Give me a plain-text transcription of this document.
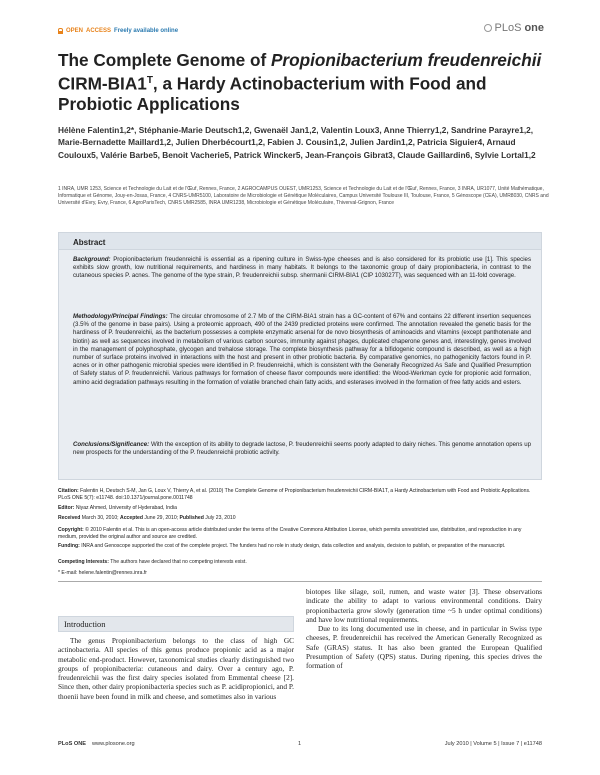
OPEN ACCESS Freely available online	PLoS one
The Complete Genome of Propionibacterium freudenreichii CIRM-$BIA1^T$, a Hardy Actinobacterium with Food and Probiotic Applications
Hélène Falentin1,2*, Stéphanie-Marie Deutsch1,2, Gwenaël Jan1,2, Valentin Loux3, Anne Thierry1,2, Sandrine Parayre1,2, Marie-Bernadette Maillard1,2, Julien Dherbécourt1,2, Fabien J. Cousin1,2, Julien Jardin1,2, Patricia Siguier4, Arnaud Couloux5, Valérie Barbe5, Benoit Vacherie5, Patrick Wincker5, Jean-François Gibrat3, Claude Gaillardin6, Sylvie Lortal1,2
1 INRA, UMR 1253, Science et Technologie du Lait et de l'Œuf, Rennes, France, 2 AGROCAMPUS OUEST, UMR1253, Science et Technologie du Lait et de l'Œuf, Rennes, France, 3 INRA, UR1077, Unité Mathématique, Informatique et Génome, Jouy-en-Josas, France, 4 CNRS-UMR5100, Laboratoire de Microbiologie et Génétique Moléculaires, Campus Université Toulouse III, Toulouse, France, 5 Génoscope (CEA), UMR8030, CNRS and Université d'Evry, Evry, France, 6 AgroParisTech, CNRS UMR2585, INRA UMR1238, Microbiologie et Génétique Moléculaire, Thiverval-Grignon, France
Abstract
Background: Propionibacterium freudenreichii is essential as a ripening culture in Swiss-type cheeses and is also considered for its probiotic use [1]. This species exhibits slow growth, low nutritional requirements, and hardiness in many habitats. It belongs to the taxonomic group of dairy propionibacteria, in contrast to the cutaneous species P. acnes. The genome of the type strain, P. freudenreichii subsp. shermanii CIRM-BIA1 (CIP 103027T), was sequenced with an 11-fold coverage.
Methodology/Principal Findings: The circular chromosome of 2.7 Mb of the CIRM-BIA1 strain has a GC-content of 67% and contains 22 different insertion sequences (3.5% of the genome in base pairs). Using a proteomic approach, 490 of the 2439 predicted proteins were confirmed. The annotation revealed the genetic basis for the hardiness of P. freudenreichii, as the bacterium possesses a complete enzymatic arsenal for de novo biosynthesis of aminoacids and vitamins (except panthotenate and biotin) as well as sequences involved in metabolism of various carbon sources, immunity against phages, duplicated chaperone genes and, interestingly, genes involved in the management of polyphosphate, glycogen and trehalose storage. The complete biosynthesis pathway for a bifidogenic compound is described, as well as a high number of surface proteins involved in interactions with the host and present in other probiotic bacteria. By comparative genomics, no pathogenicity factors found in P. acnes or in other pathogenic microbial species were identified in P. freudenreichii, which is consistent with the Generally Recognized As Safe and Qualified Presumption of Safety status of P. freudenreichii. Various pathways for formation of cheese flavor compounds were identified: the Wood-Werkman cycle for propionic acid formation, amino acid degradation pathways resulting in the formation of volatile branched chain fatty acids, and esterases involved in the formation of free fatty acids and esters.
Conclusions/Significance: With the exception of its ability to degrade lactose, P. freudenreichii seems poorly adapted to dairy niches. This genome annotation opens up new prospects for the understanding of the P. freudenreichii probiotic activity.
Citation: Falentin H, Deutsch S-M, Jan G, Loux V, Thierry A, et al. (2010) The Complete Genome of Propionibacterium freudenreichii CIRM-BIA1T, a Hardy Actinobacterium with Food and Probiotic Applications. PLoS ONE 5(7): e11748. doi:10.1371/journal.pone.0011748
Editor: Niyaz Ahmed, University of Hyderabad, India
Received March 30, 2010; Accepted June 29, 2010; Published July 23, 2010
Copyright: © 2010 Falentin et al. This is an open-access article distributed under the terms of the Creative Commons Attribution License, which permits unrestricted use, distribution, and reproduction in any medium, provided the original author and source are credited.
Funding: INRA and Genoscope supported the cost of the complete project. The funders had no role in study design, data collection and analysis, decision to publish, or preparation of the manuscript.
Competing Interests: The authors have declared that no competing interests exist.
* E-mail: helene.falentin@rennes.inra.fr
Introduction

The genus Propionibacterium belongs to the class of high GC actinobacteria. All species of this genus produce propionic acid as a major metabolic end-product. However, taxonomical studies clearly distinguished two groups of propionibacteria: cutaneous and dairy. Over a century ago, P. freudenreichii was the first dairy species isolated from Emmental cheese [2]. Since then, other dairy propionibacteria species such as P. acidipropionici, and P. thoenii have been found in milk and cheese, and sometimes also in various

biotopes like silage, soil, rumen, and waste water [3]. These observations indicate the ability to adapt to various environmental conditions. Dairy propionibacteria grow slowly (generation time ~5 h under optimal conditions) and have low nutritional requirements.

Due to its long documented use in cheese, and in particular in Swiss type cheeses, P. freudenreichii has received the American Generally Recognized as Safe (GRAS) status. It has also been granted the European Qualified Presumption of Safety (QPS) status. During ripening, this species drives the formation of

PLoS ONE www.plosone.org	1	July 2010 | Volume 5 | Issue 7 | e11748
